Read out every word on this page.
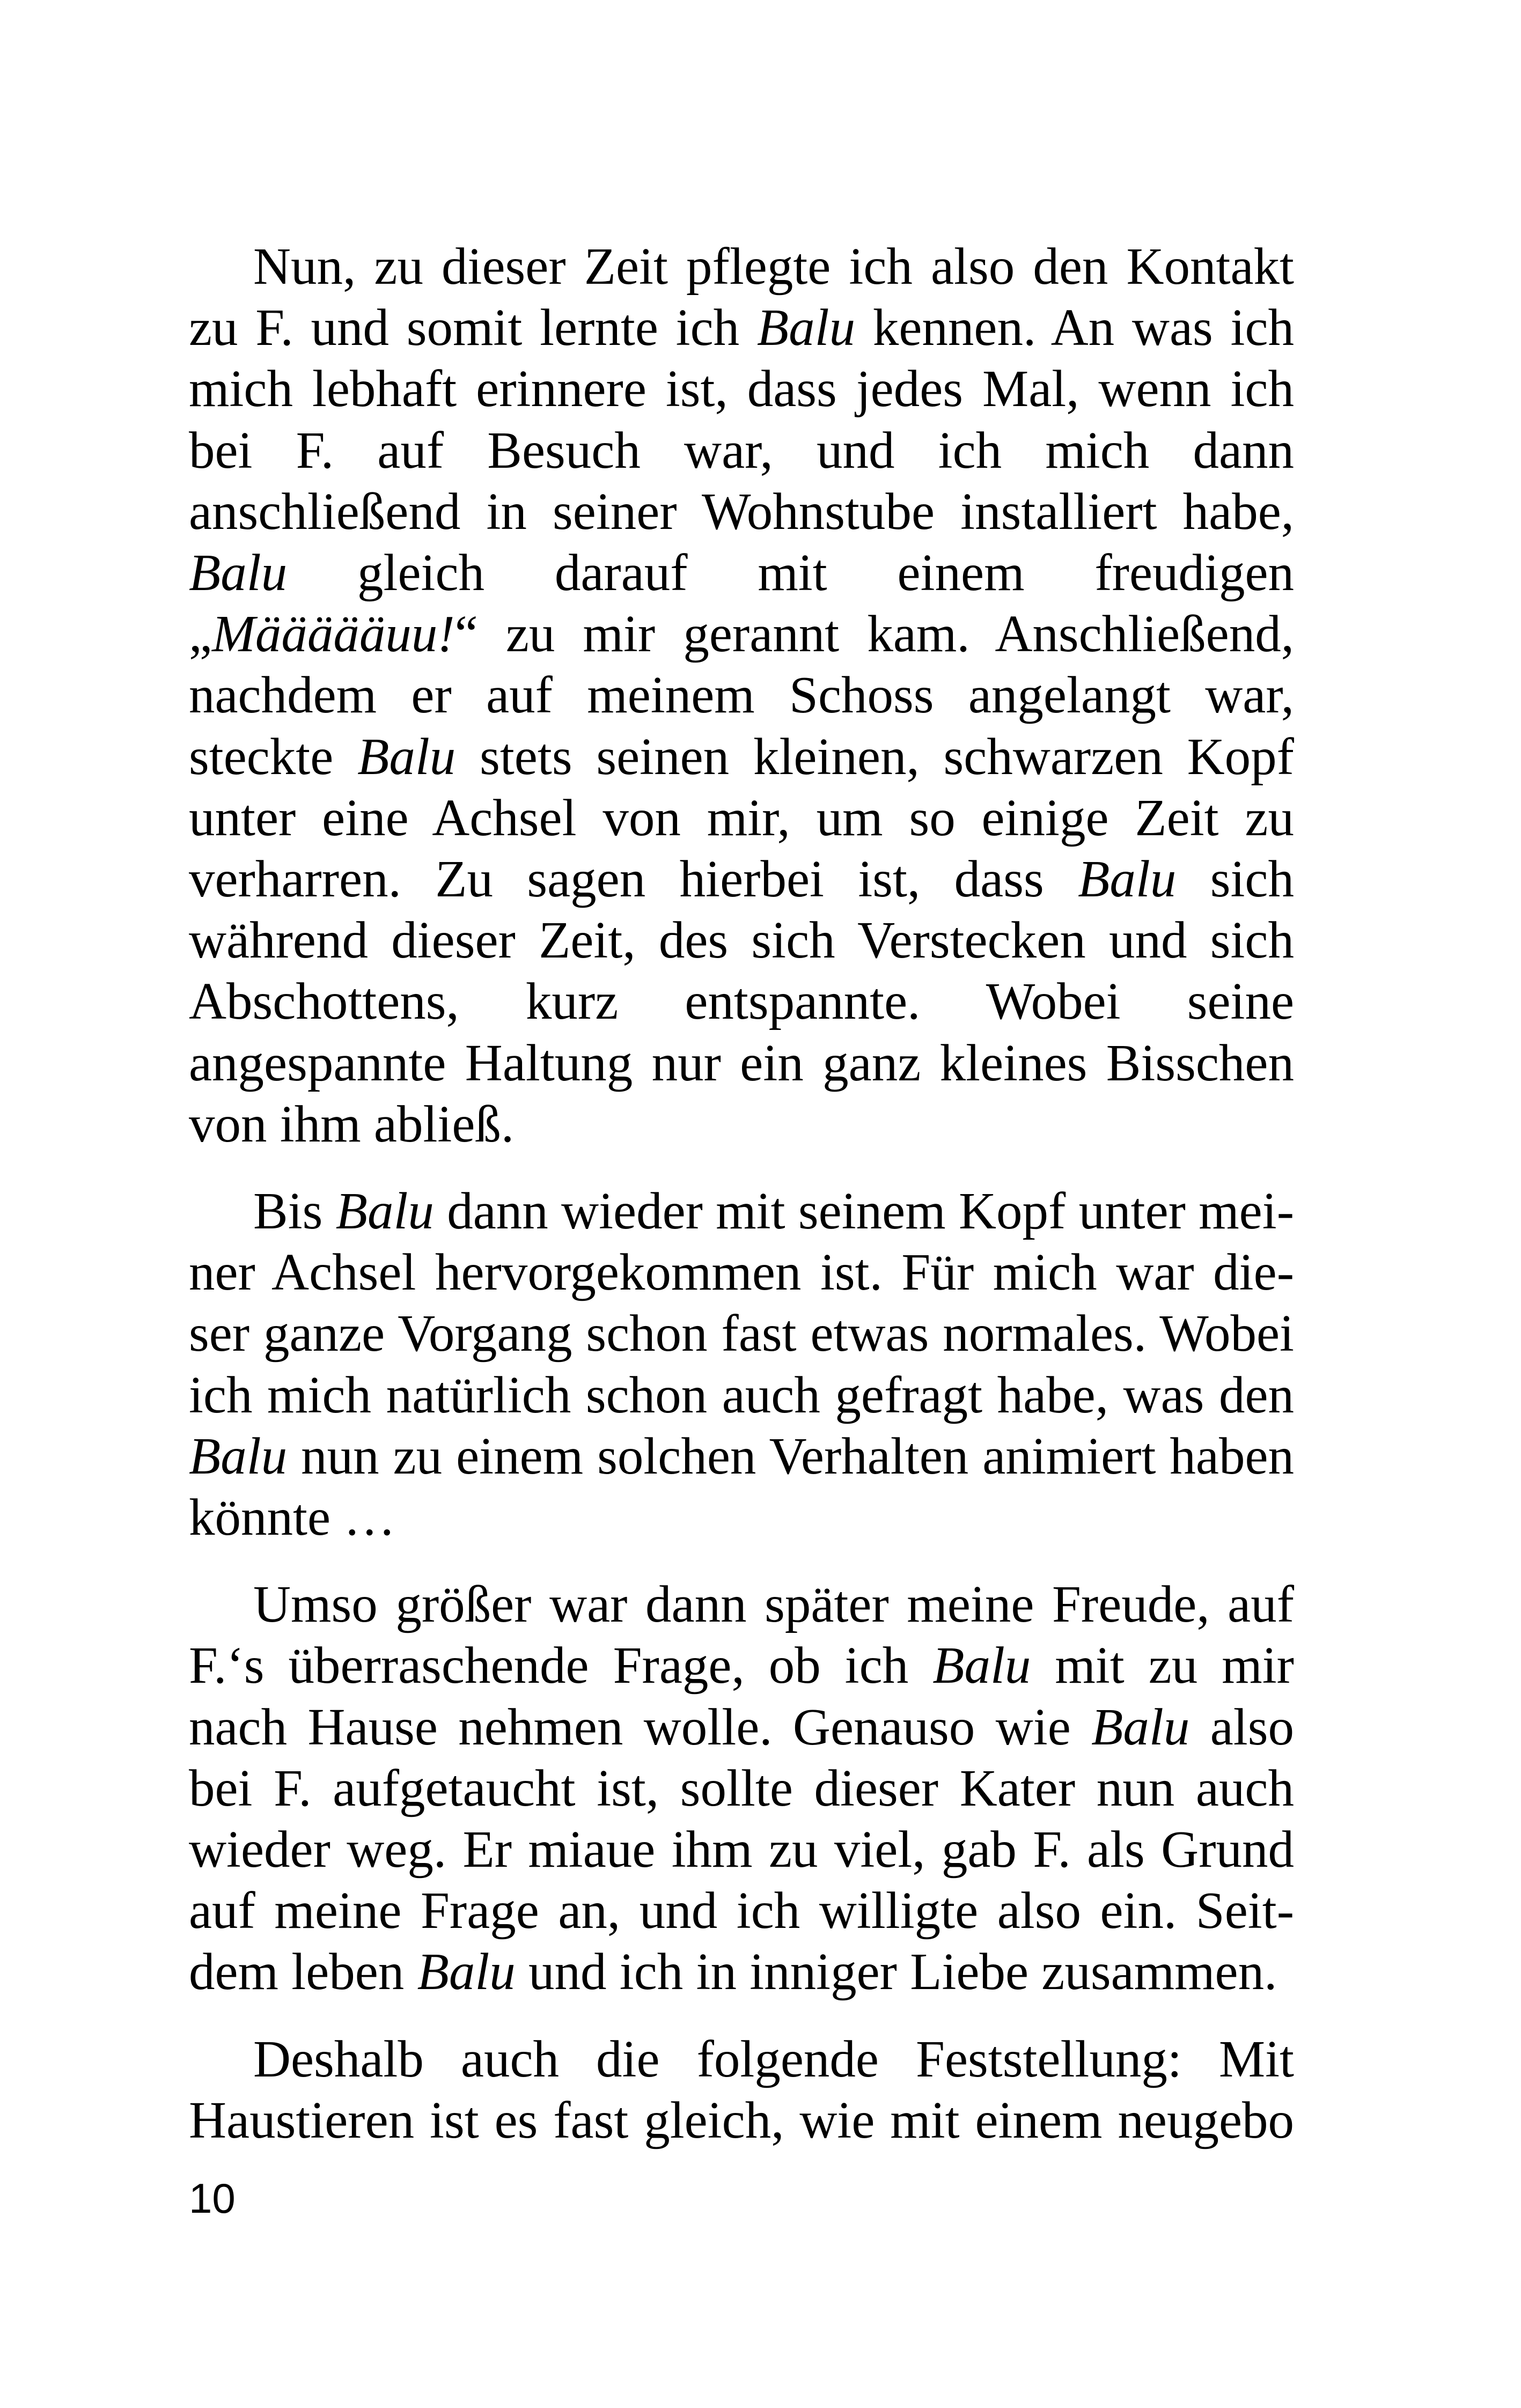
Nun, zu dieser Zeit pflegte ich also den Kontakt zu F. und somit lernte ich Balu kennen. An was ich mich lebhaft erinnere ist, dass jedes Mal, wenn ich bei F. auf Besuch war, und ich mich dann anschließend in seiner Wohnstube installiert habe, Balu gleich darauf mit einem freudigen „Määäääuu!“ zu mir gerannt kam. Anschließend, nachdem er auf meinem Schoss angelangt war, steckte Balu stets seinen kleinen, schwarzen Kopf unter eine Achsel von mir, um so einige Zeit zu verharren. Zu sagen hierbei ist, dass Balu sich während dieser Zeit, des sich Verstecken und sich Abschottens, kurz entspannte. Wobei seine angespannte Haltung nur ein ganz kleines Bisschen von ihm abließ.

Bis Balu dann wieder mit seinem Kopf unter meiner Achsel hervorgekommen ist. Für mich war dieser ganze Vorgang schon fast etwas normales. Wobei ich mich natürlich schon auch gefragt habe, was den Balu nun zu einem solchen Verhalten animiert haben könnte …

Umso größer war dann später meine Freude, auf F.‘s überraschende Frage, ob ich Balu mit zu mir nach Hause nehmen wolle. Genauso wie Balu also bei F. aufgetaucht ist, sollte dieser Kater nun auch wieder weg. Er miaue ihm zu viel, gab F. als Grund auf meine Frage an, und ich willigte also ein. Seitdem leben Balu und ich in inniger Liebe zusammen.

Deshalb auch die folgende Feststellung: Mit Haustieren ist es fast gleich, wie mit einem neugebo

10
